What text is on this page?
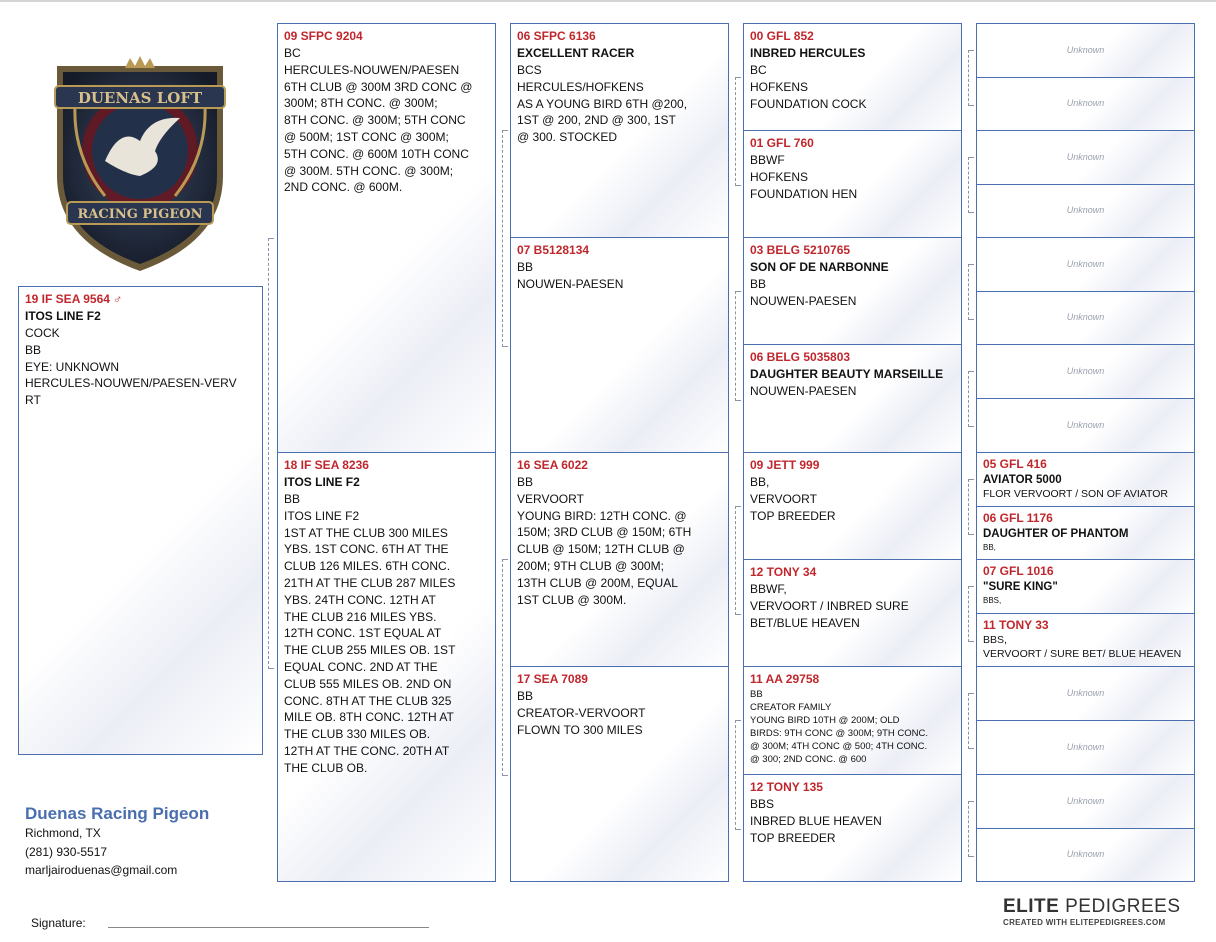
DUENAS LOFT
RACING PIGEON
19 IF SEA 9564 ♂
ITOS LINE F2
COCK
BB
EYE: UNKNOWN
HERCULES-NOUWEN/PAESEN-VERV
RT
09 SFPC 9204
BC
HERCULES-NOUWEN/PAESEN
6TH CLUB @ 300M 3RD CONC @
300M; 8TH CONC. @ 300M;
8TH CONC. @ 300M; 5TH CONC
@ 500M; 1ST CONC @ 300M;
5TH CONC. @ 600M 10TH CONC
@ 300M. 5TH CONC. @ 300M;
2ND CONC. @ 600M.
18 IF SEA 8236
ITOS LINE F2
BB
ITOS LINE F2
1ST AT THE CLUB 300 MILES
YBS. 1ST CONC. 6TH AT THE
CLUB 126 MILES. 6TH CONC.
21TH AT THE CLUB 287 MILES
YBS. 24TH CONC. 12TH AT
THE CLUB 216 MILES YBS.
12TH CONC. 1ST EQUAL AT
THE CLUB 255 MILES OB. 1ST
EQUAL CONC. 2ND AT THE
CLUB 555 MILES OB. 2ND ON
CONC. 8TH AT THE CLUB 325
MILE OB. 8TH CONC. 12TH AT
THE CLUB 330 MILES OB.
12TH AT THE CONC. 20TH AT
THE CLUB OB.
06 SFPC 6136
EXCELLENT RACER
BCS
HERCULES/HOFKENS
AS A YOUNG BIRD 6TH @200,
1ST @ 200, 2ND @ 300, 1ST
@ 300. STOCKED
07 B5128134
BB
NOUWEN-PAESEN
16 SEA 6022
BB
VERVOORT
YOUNG BIRD: 12TH CONC. @
150M; 3RD CLUB @ 150M; 6TH
CLUB @ 150M; 12TH CLUB @
200M; 9TH CLUB @ 300M;
13TH CLUB @ 200M, EQUAL
1ST CLUB @ 300M.
17 SEA 7089
BB
CREATOR-VERVOORT
FLOWN TO 300 MILES
00 GFL 852
INBRED HERCULES
BC
HOFKENS
FOUNDATION COCK
01 GFL 760
BBWF
HOFKENS
FOUNDATION HEN
03 BELG 5210765
SON OF DE NARBONNE
BB
NOUWEN-PAESEN
06 BELG 5035803
DAUGHTER BEAUTY MARSEILLE
NOUWEN-PAESEN
09 JETT 999
BB,
VERVOORT
TOP BREEDER
12 TONY 34
BBWF,
VERVOORT / INBRED SURE
BET/BLUE HEAVEN
11 AA 29758
BB
CREATOR FAMILY
YOUNG BIRD 10TH @ 200M; OLD
BIRDS: 9TH CONC @ 300M; 9TH CONC.
@ 300M; 4TH CONC @ 500; 4TH CONC.
@ 300; 2ND CONC. @ 600
12 TONY 135
BBS
INBRED BLUE HEAVEN
TOP BREEDER
Unknown
Unknown
Unknown
Unknown
Unknown
Unknown
Unknown
Unknown
05 GFL 416
AVIATOR 5000
FLOR VERVOORT / SON OF AVIATOR
06 GFL 1176
DAUGHTER OF PHANTOM
BB,
07 GFL 1016
"SURE KING"
BBS,
11 TONY 33
BBS,
VERVOORT / SURE BET/ BLUE HEAVEN
Unknown
Unknown
Unknown
Unknown
Duenas Racing Pigeon
Richmond, TX
(281) 930-5517
marljairoduenas@gmail.com
Signature:
ELITE PEDIGREES
CREATED WITH ELITEPEDIGREES.COM
